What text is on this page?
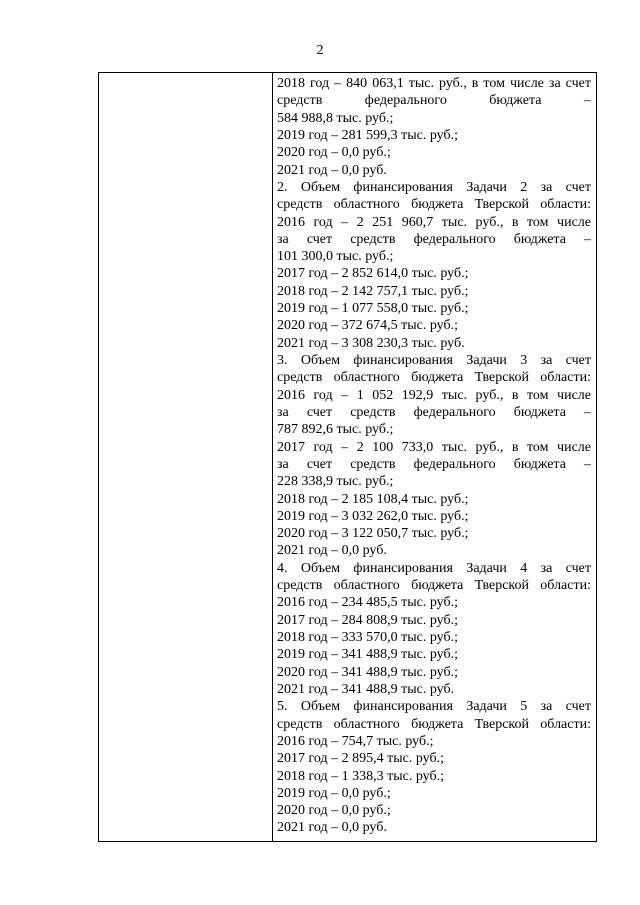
2

2018 год – 840 063,1 тыс. руб., в том числе за счет
средств федерального бюджета –
584 988,8 тыс. руб.;
2019 год – 281 599,3 тыс. руб.;
2020 год – 0,0 руб.;
2021 год – 0,0 руб.
2. Объем финансирования Задачи 2 за счет
средств областного бюджета Тверской области:
2016 год – 2 251 960,7 тыс. руб., в том числе
за счет средств федерального бюджета –
101 300,0 тыс. руб.;
2017 год – 2 852 614,0 тыс. руб.;
2018 год – 2 142 757,1 тыс. руб.;
2019 год – 1 077 558,0 тыс. руб.;
2020 год – 372 674,5 тыс. руб.;
2021 год – 3 308 230,3 тыс. руб.
3. Объем финансирования Задачи 3 за счет
средств областного бюджета Тверской области:
2016 год – 1 052 192,9 тыс. руб., в том числе
за счет средств федерального бюджета –
787 892,6 тыс. руб.;
2017 год – 2 100 733,0 тыс. руб., в том числе
за счет средств федерального бюджета –
228 338,9 тыс. руб.;
2018 год – 2 185 108,4 тыс. руб.;
2019 год – 3 032 262,0 тыс. руб.;
2020 год – 3 122 050,7 тыс. руб.;
2021 год – 0,0 руб.
4. Объем финансирования Задачи 4 за счет
средств областного бюджета Тверской области:
2016 год – 234 485,5 тыс. руб.;
2017 год – 284 808,9 тыс. руб.;
2018 год – 333 570,0 тыс. руб.;
2019 год – 341 488,9 тыс. руб.;
2020 год – 341 488,9 тыс. руб.;
2021 год – 341 488,9 тыс. руб.
5. Объем финансирования Задачи 5 за счет
средств областного бюджета Тверской области:
2016 год – 754,7 тыс. руб.;
2017 год – 2 895,4 тыс. руб.;
2018 год – 1 338,3 тыс. руб.;
2019 год – 0,0 руб.;
2020 год – 0,0 руб.;
2021 год – 0,0 руб.
